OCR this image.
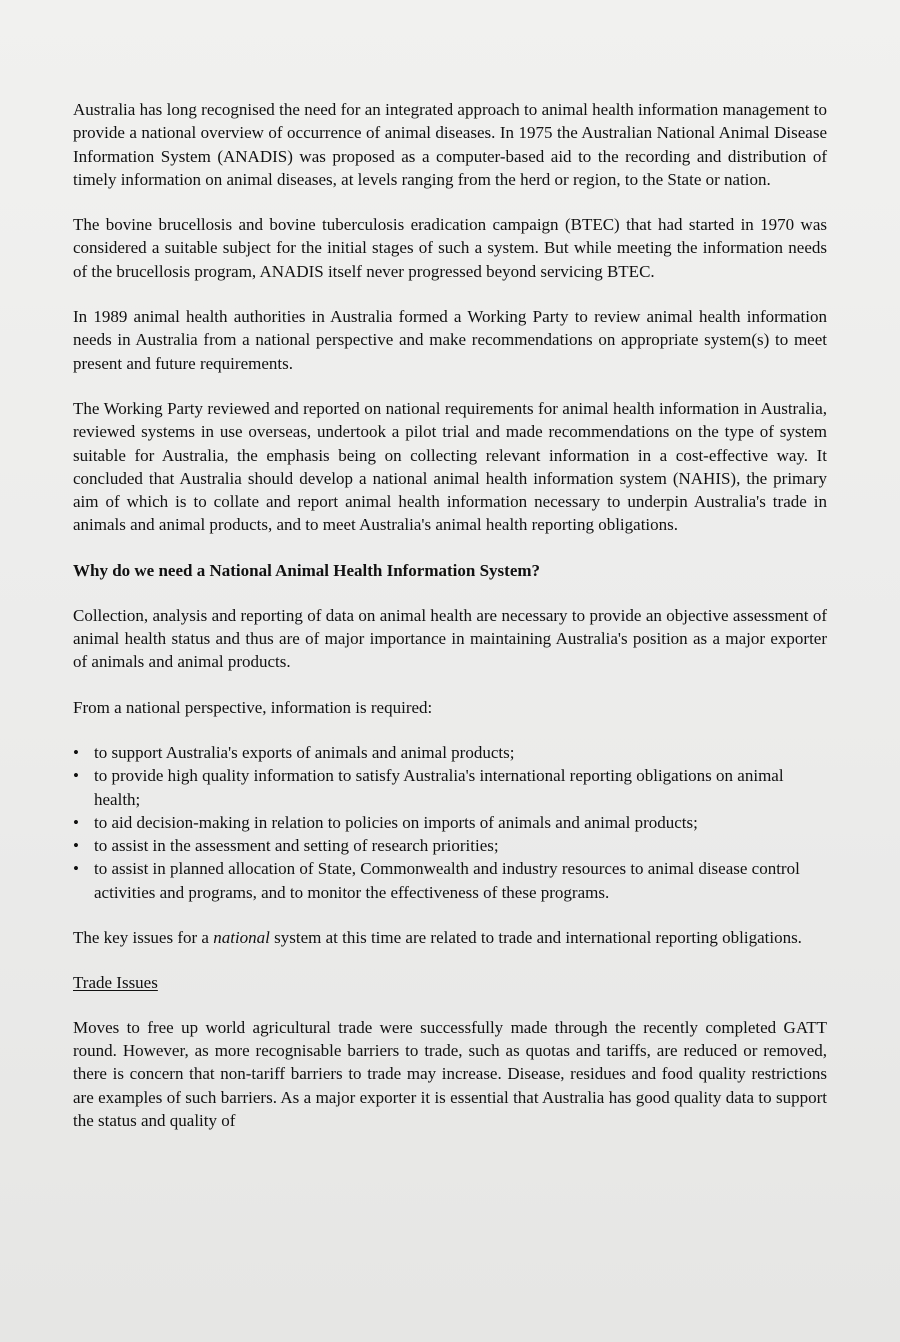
Australia has long recognised the need for an integrated approach to animal health information management to provide a national overview of occurrence of animal diseases. In 1975 the Australian National Animal Disease Information System (ANADIS) was proposed as a computer-based aid to the recording and distribution of timely information on animal diseases, at levels ranging from the herd or region, to the State or nation.

The bovine brucellosis and bovine tuberculosis eradication campaign (BTEC) that had started in 1970 was considered a suitable subject for the initial stages of such a system. But while meeting the information needs of the brucellosis program, ANADIS itself never progressed beyond servicing BTEC.

In 1989 animal health authorities in Australia formed a Working Party to review animal health information needs in Australia from a national perspective and make recommendations on appropriate system(s) to meet present and future requirements.

The Working Party reviewed and reported on national requirements for animal health information in Australia, reviewed systems in use overseas, undertook a pilot trial and made recommendations on the type of system suitable for Australia, the emphasis being on collecting relevant information in a cost-effective way. It concluded that Australia should develop a national animal health information system (NAHIS), the primary aim of which is to collate and report animal health information necessary to underpin Australia's trade in animals and animal products, and to meet Australia's animal health reporting obligations.

Why do we need a National Animal Health Information System?

Collection, analysis and reporting of data on animal health are necessary to provide an objective assessment of animal health status and thus are of major importance in maintaining Australia's position as a major exporter of animals and animal products.

From a national perspective, information is required:

• to support Australia's exports of animals and animal products;
• to provide high quality information to satisfy Australia's international reporting obligations on animal health;
• to aid decision-making in relation to policies on imports of animals and animal products;
• to assist in the assessment and setting of research priorities;
• to assist in planned allocation of State, Commonwealth and industry resources to animal disease control activities and programs, and to monitor the effectiveness of these programs.

The key issues for a national system at this time are related to trade and international reporting obligations.

Trade Issues

Moves to free up world agricultural trade were successfully made through the recently completed GATT round. However, as more recognisable barriers to trade, such as quotas and tariffs, are reduced or removed, there is concern that non-tariff barriers to trade may increase. Disease, residues and food quality restrictions are examples of such barriers. As a major exporter it is essential that Australia has good quality data to support the status and quality of
